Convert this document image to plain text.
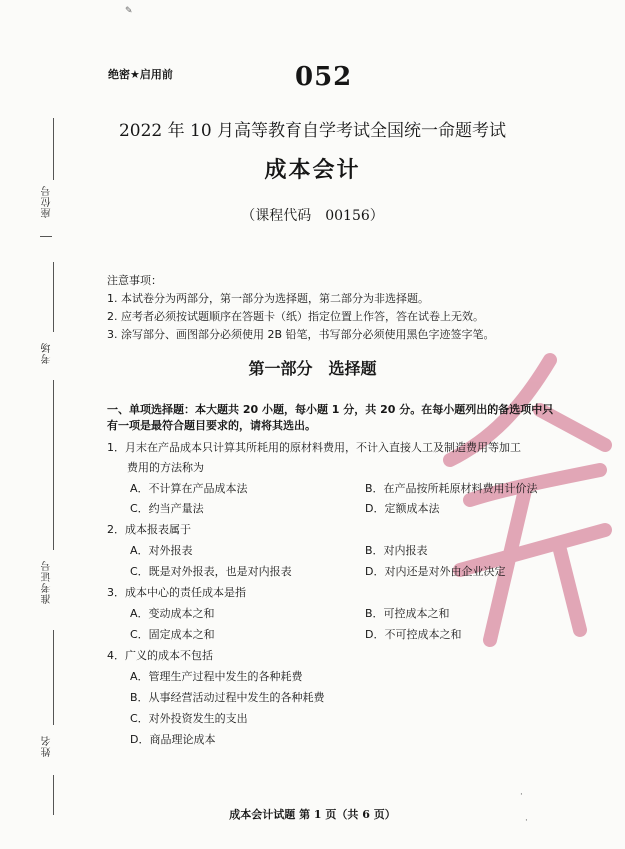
✎
·
·
座位号
考场
准考证号
姓名
绝密★启用前	052
2022 年 10 月高等教育自学考试全国统一命题考试
成本会计
（课程代码　00156）
注意事项：
1. 本试卷分为两部分，第一部分为选择题，第二部分为非选择题。
2. 应考者必须按试题顺序在答题卡（纸）指定位置上作答，答在试卷上无效。
3. 涂写部分、画图部分必须使用 2B 铅笔，书写部分必须使用黑色字迹签字笔。
第一部分　选择题
一、单项选择题：本大题共 20 小题，每小题 1 分，共 20 分。在每小题列出的备选项中只有一项是最符合题目要求的，请将其选出。
1．月末在产品成本只计算其所耗用的原材料费用，不计入直接人工及制造费用等加工
费用的方法称为
A．不计算在产品成本法	B．在产品按所耗原材料费用计价法
C．约当产量法	D．定额成本法
2．成本报表属于
A．对外报表	B．对内报表
C．既是对外报表，也是对内报表	D．对内还是对外由企业决定
3．成本中心的责任成本是指
A．变动成本之和	B．可控成本之和
C．固定成本之和	D．不可控成本之和
4．广义的成本不包括
A．管理生产过程中发生的各种耗费
B．从事经营活动过程中发生的各种耗费
C．对外投资发生的支出
D．商品理论成本
成本会计试题 第 1 页（共 6 页）
